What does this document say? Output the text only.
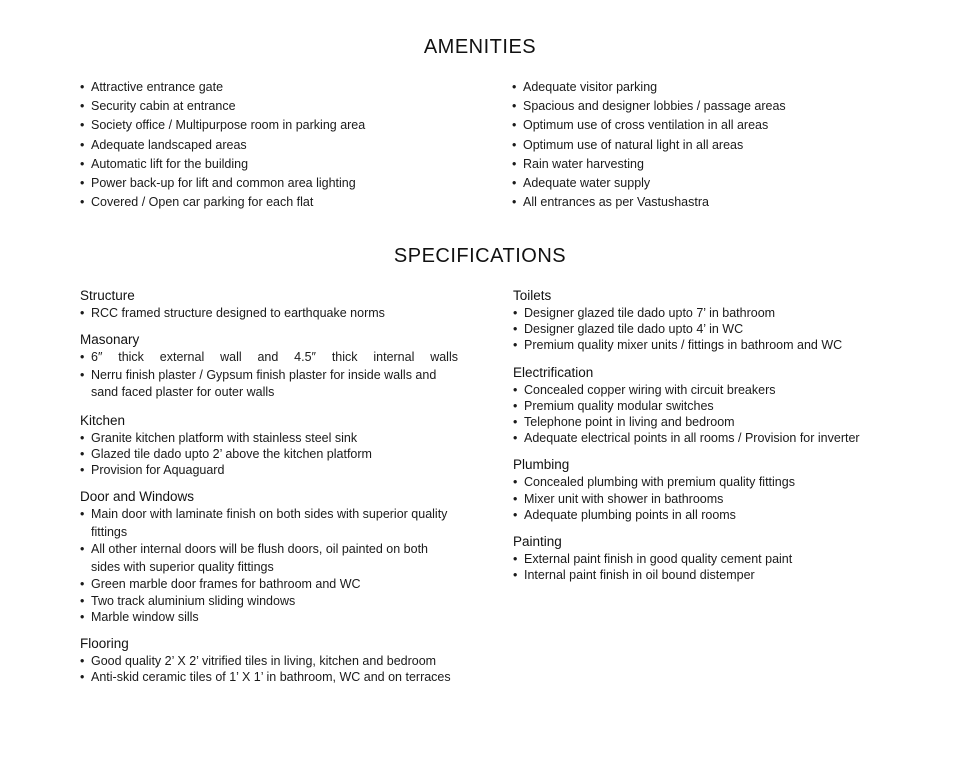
AMENITIES
• Attractive entrance gate
• Security cabin at entrance
• Society office / Multipurpose room in parking area
• Adequate landscaped areas
• Automatic lift for the building
• Power back-up for lift and common area lighting
• Covered / Open car parking for each flat
• Adequate visitor parking
• Spacious and designer lobbies / passage areas
• Optimum use of cross ventilation in all areas
• Optimum use of natural light in all areas
• Rain water harvesting
• Adequate water supply
• All entrances as per Vastushastra
SPECIFICATIONS
Structure
• RCC framed structure designed to earthquake norms
Masonary
• 6″ thick external wall and 4.5″ thick internal walls
• Nerru finish plaster / Gypsum finish plaster for inside walls and sand faced plaster for outer walls
Kitchen
• Granite kitchen platform with stainless steel sink
• Glazed tile dado upto 2’ above the kitchen platform
• Provision for Aquaguard
Door and Windows
• Main door with laminate finish on both sides with superior quality fittings
• All other internal doors will be flush doors, oil painted on both sides with superior quality fittings
• Green marble door frames for bathroom and WC
• Two track aluminium sliding windows
• Marble window sills
Flooring
• Good quality 2’ X 2’ vitrified tiles in living, kitchen and bedroom
• Anti-skid ceramic tiles of 1’ X 1’ in bathroom, WC and on terraces
Toilets
• Designer glazed tile dado upto 7’ in bathroom
• Designer glazed tile dado upto 4’ in WC
• Premium quality mixer units / fittings in bathroom and WC
Electrification
• Concealed copper wiring with circuit breakers
• Premium quality modular switches
• Telephone point in living and bedroom
• Adequate electrical points in all rooms / Provision for inverter
Plumbing
• Concealed plumbing with premium quality fittings
• Mixer unit with shower in bathrooms
• Adequate plumbing points in all rooms
Painting
• External paint finish in good quality cement paint
• Internal paint finish in oil bound distemper
